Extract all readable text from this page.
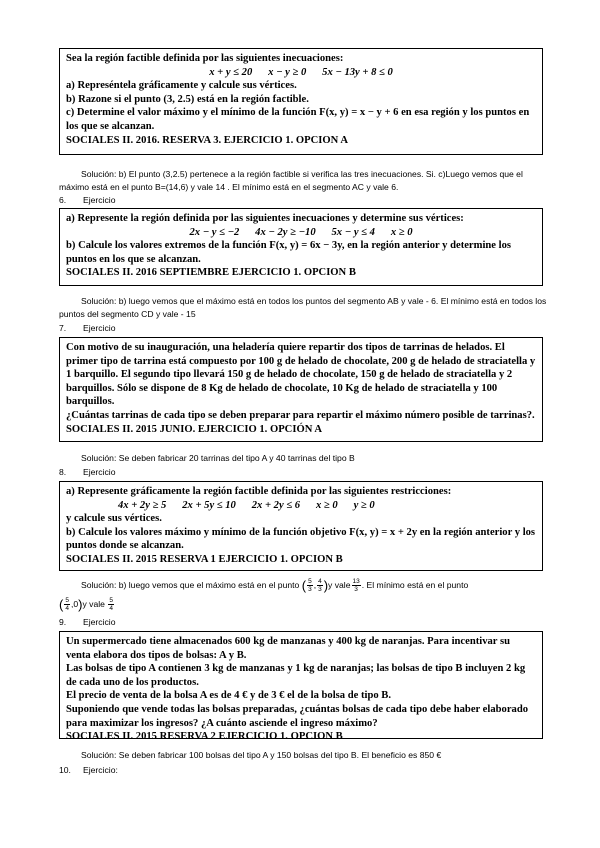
Sea la región factible definida por las siguientes inecuaciones:

x + y ≤ 20      x − y ≥ 0      5x − 13y + 8 ≤ 0

a) Represéntela gráficamente y calcule sus vértices.

b) Razone si el punto (3, 2.5) está en la región factible.

c) Determine el valor máximo y el mínimo de la función F(x, y) = x − y + 6 en esa región y los puntos en los que se alcanzan.

SOCIALES II. 2016. RESERVA 3. EJERCICIO 1. OPCION A

Solución: b) El punto (3,2.5) pertenece a la región factible si verifica las tres inecuaciones. Si. c)Luego vemos que el máximo está en el punto B=(14,6) y vale 14 . El mínimo está en el segmento AC y vale 6.
6. Ejercicio

a) Represente la región definida por las siguientes inecuaciones y determine sus vértices:

2x − y ≤ −2      4x − 2y ≥ −10      5x − y ≤ 4      x ≥ 0

b) Calcule los valores extremos de la función F(x, y) = 6x − 3y, en la región anterior y determine los puntos en los que se alcanzan.

SOCIALES II. 2016 SEPTIEMBRE EJERCICIO 1. OPCION B

Solución: b) luego vemos que el máximo está en todos los puntos del segmento AB y vale - 6. El mínimo está en todos los puntos del segmento CD y vale - 15
7. Ejercicio

Con motivo de su inauguración, una heladería quiere repartir dos tipos de tarrinas de helados. El primer tipo de tarrina está compuesto por 100 g de helado de chocolate, 200 g de helado de straciatella y 1 barquillo. El segundo tipo llevará 150 g de helado de chocolate, 150 g de helado de straciatella y 2 barquillos. Sólo se dispone de 8 Kg de helado de chocolate, 10 Kg de helado de straciatella y 100 barquillos.

¿Cuántas tarrinas de cada tipo se deben preparar para repartir el máximo número posible de tarrinas?.

SOCIALES II. 2015 JUNIO. EJERCICIO 1. OPCIÓN A

Solución: Se deben fabricar 20 tarrinas del tipo A y 40 tarrinas del tipo B
8. Ejercicio

a) Represente gráficamente la región factible definida por las siguientes restricciones:

4x + 2y ≥ 5      2x + 5y ≤ 10      2x + 2y ≤ 6      x ≥ 0      y ≥ 0

y calcule sus vértices.

b) Calcule los valores máximo y mínimo de la función objetivo F(x, y) = x + 2y en la región anterior y los puntos donde se alcanzan.

SOCIALES II. 2015 RESERVA 1 EJERCICIO 1. OPCION B

Solución: b) luego vemos que el máximo está en el punto ( $\frac{5}{3}$ , $\frac{4}{3} )y$ vale $\frac{13}{3}$ . El mínimo está en el punto
( $\frac{5}{4} ,0)y$ vale $\frac{5}{4}$
9. Ejercicio

Un supermercado tiene almacenados 600 kg de manzanas y 400 kg de naranjas. Para incentivar su venta elabora dos tipos de bolsas: A y B.

Las bolsas de tipo A contienen 3 kg de manzanas y 1 kg de naranjas; las bolsas de tipo B incluyen 2 kg de cada uno de los productos.

El precio de venta de la bolsa A es de 4 € y de 3 € el de la bolsa de tipo B.

Suponiendo que vende todas las bolsas preparadas, ¿cuántas bolsas de cada tipo debe haber elaborado para maximizar los ingresos? ¿A cuánto asciende el ingreso máximo?

SOCIALES II. 2015 RESERVA 2 EJERCICIO 1. OPCION B

Solución: Se deben fabricar 100 bolsas del tipo A y 150 bolsas del tipo B. El beneficio es 850 €
10. Ejercicio:
